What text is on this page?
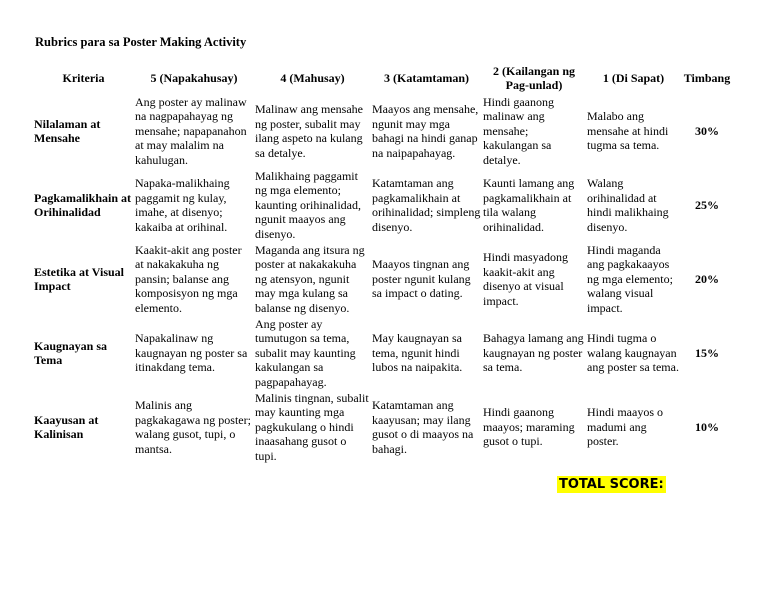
Rubrics para sa Poster Making Activity
Kriteria	5 (Napakahusay)	4 (Mahusay)	3 (Katamtaman)	2 (Kailangan ng Pag-unlad)	1 (Di Sapat)	Timbang
Nilalaman at Mensahe	Ang poster ay malinaw na nagpapahayag ng mensahe; napapanahon at may malalim na kahulugan.	Malinaw ang mensahe ng poster, subalit may ilang aspeto na kulang sa detalye.	Maayos ang mensahe, ngunit may mga bahagi na hindi ganap na naipapahayag.	Hindi gaanong malinaw ang mensahe; kakulangan sa detalye.	Malabo ang mensahe at hindi tugma sa tema.	30%
Pagkamalikhain at Orihinalidad	Napaka-malikhaing paggamit ng kulay, imahe, at disenyo; kakaiba at orihinal.	Malikhaing paggamit ng mga elemento; kaunting orihinalidad, ngunit maayos ang disenyo.	Katamtaman ang pagkamalikhain at orihinalidad; simpleng disenyo.	Kaunti lamang ang pagkamalikhain at tila walang orihinalidad.	Walang orihinalidad at hindi malikhaing disenyo.	25%
Estetika at Visual Impact	Kaakit-akit ang poster at nakakakuha ng pansin; balanse ang komposisyon ng mga elemento.	Maganda ang itsura ng poster at nakakakuha ng atensyon, ngunit may mga kulang sa balanse ng disenyo.	Maayos tingnan ang poster ngunit kulang sa impact o dating.	Hindi masyadong kaakit-akit ang disenyo at visual impact.	Hindi maganda ang pagkakaayos ng mga elemento; walang visual impact.	20%
Kaugnayan sa Tema	Napakalinaw ng kaugnayan ng poster sa itinakdang tema.	Ang poster ay tumutugon sa tema, subalit may kaunting kakulangan sa pagpapahayag.	May kaugnayan sa tema, ngunit hindi lubos na naipakita.	Bahagya lamang ang kaugnayan ng poster sa tema.	Hindi tugma o walang kaugnayan ang poster sa tema.	15%
Kaayusan at Kalinisan	Malinis ang pagkakagawa ng poster; walang gusot, tupi, o mantsa.	Malinis tingnan, subalit may kaunting mga pagkukulang o hindi inaasahang gusot o tupi.	Katamtaman ang kaayusan; may ilang gusot o di maayos na bahagi.	Hindi gaanong maayos; maraming gusot o tupi.	Hindi maayos o madumi ang poster.	10%
TOTAL SCORE:
